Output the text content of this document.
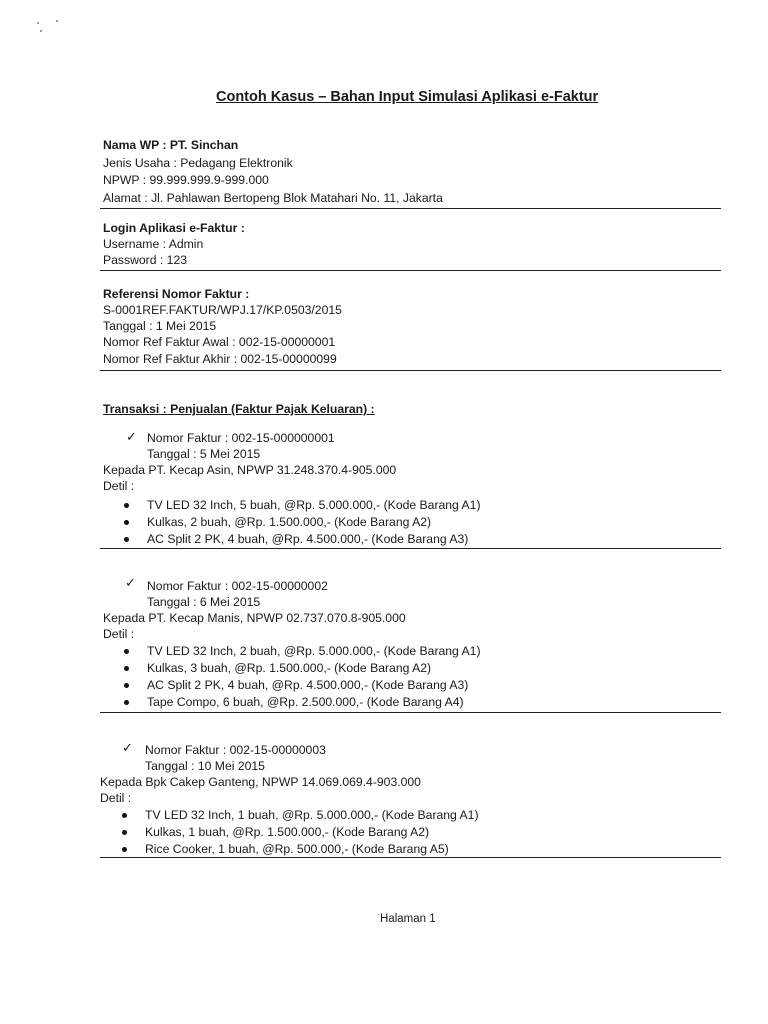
Contoh Kasus – Bahan Input Simulasi Aplikasi e-Faktur
Nama WP : PT. Sinchan
Jenis Usaha : Pedagang Elektronik
NPWP : 99.999.999.9-999.000
Alamat : Jl. Pahlawan Bertopeng Blok Matahari No. 11, Jakarta
Login Aplikasi e-Faktur :
Username : Admin
Password : 123
Referensi Nomor Faktur :
S-0001REF.FAKTUR/WPJ.17/KP.0503/2015
Tanggal : 1 Mei 2015
Nomor Ref Faktur Awal : 002-15-00000001
Nomor Ref Faktur Akhir : 002-15-00000099
Transaksi : Penjualan (Faktur Pajak Keluaran) :
✓ Nomor Faktur : 002-15-000000001
Tanggal : 5 Mei 2015
Kepada PT. Kecap Asin, NPWP 31.248.370.4-905.000
Detil :
TV LED 32 Inch, 5 buah, @Rp. 5.000.000,- (Kode Barang A1)
Kulkas, 2 buah, @Rp. 1.500.000,- (Kode Barang A2)
AC Split 2 PK, 4 buah, @Rp. 4.500.000,- (Kode Barang A3)
✓ Nomor Faktur : 002-15-00000002
Tanggal : 6 Mei 2015
Kepada PT. Kecap Manis, NPWP 02.737.070.8-905.000
Detil :
TV LED 32 Inch, 2 buah, @Rp. 5.000.000,- (Kode Barang A1)
Kulkas, 3 buah, @Rp. 1.500.000,- (Kode Barang A2)
AC Split 2 PK, 4 buah, @Rp. 4.500.000,- (Kode Barang A3)
Tape Compo, 6 buah, @Rp. 2.500.000,- (Kode Barang A4)
✓ Nomor Faktur : 002-15-00000003
Tanggal : 10 Mei 2015
Kepada Bpk Cakep Ganteng, NPWP 14.069.069.4-903.000
Detil :
TV LED 32 Inch, 1 buah, @Rp. 5.000.000,- (Kode Barang A1)
Kulkas, 1 buah, @Rp. 1.500.000,- (Kode Barang A2)
Rice Cooker, 1 buah, @Rp. 500.000,- (Kode Barang A5)
Halaman 1
